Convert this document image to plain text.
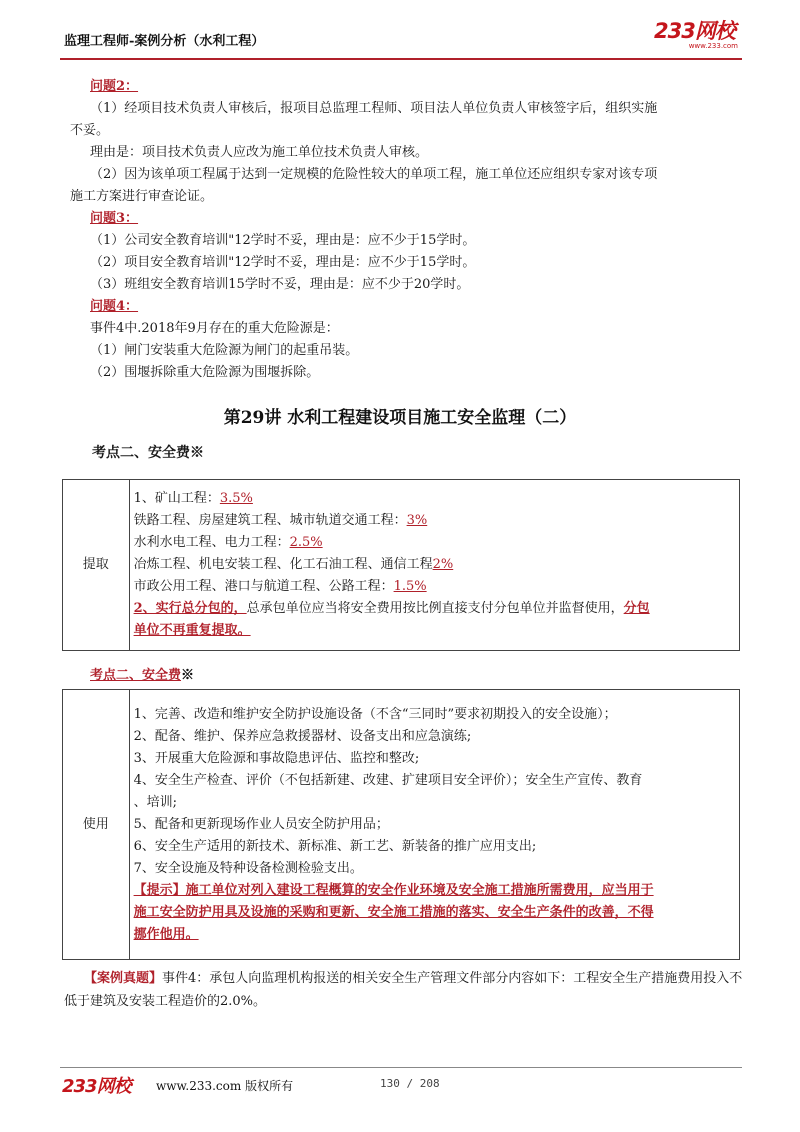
监理工程师-案例分析（水利工程）	233网校
www.233.com

问题2：

（1）经项目技术负责人审核后，报项目总监理工程师、项目法人单位负责人审核签字后，组织实施

不妥。

理由是：项目技术负责人应改为施工单位技术负责人审核。

（2）因为该单项工程属于达到一定规模的危险性较大的单项工程，施工单位还应组织专家对该专项

施工方案进行审查论证。

问题3：

（1）公司安全教育培训"12学时不妥，理由是：应不少于15学时。

（2）项目安全教育培训"12学时不妥，理由是：应不少于15学时。

（3）班组安全教育培训15学时不妥，理由是：应不少于20学时。

问题4：

事件4中.2018年9月存在的重大危险源是：

（1）闸门安装重大危险源为闸门的起重吊装。

（2）围堰拆除重大危险源为围堰拆除。

第29讲 水利工程建设项目施工安全监理（二）
考点二、安全费※
提取	
1、矿山工程：3.5%
铁路工程、房屋建筑工程、城市轨道交通工程：3%
水利水电工程、电力工程：2.5%
冶炼工程、机电安装工程、化工石油工程、通信工程2%
市政公用工程、港口与航道工程、公路工程：1.5%
2、实行总分包的，总承包单位应当将安全费用按比例直接支付分包单位并监督使用，分包
单位不再重复提取。
考点二、安全费※
使用	
1、完善、改造和维护安全防护设施设备（不含“三同时”要求初期投入的安全设施）；
2、配备、维护、保养应急救援器材、设备支出和应急演练;
3、开展重大危险源和事故隐患评估、监控和整改;
4、安全生产检查、评价（不包括新建、改建、扩建项目安全评价）；安全生产宣传、教育
、培训;
5、配备和更新现场作业人员安全防护用品；
6、安全生产适用的新技术、新标准、新工艺、新装备的推广应用支出;
7、安全设施及特种设备检测检验支出。
【提示】施工单位对列入建设工程概算的安全作业环境及安全施工措施所需费用，应当用于
施工安全防护用具及设施的采购和更新、安全施工措施的落实、安全生产条件的改善，不得
挪作他用。
【案例真题】事件4：承包人向监理机构报送的相关安全生产管理文件部分内容如下：工程安全生产措施费用投入不低于建筑及安装工程造价的2.0%。
233网校 www.233.com 版权所有	130 / 208
